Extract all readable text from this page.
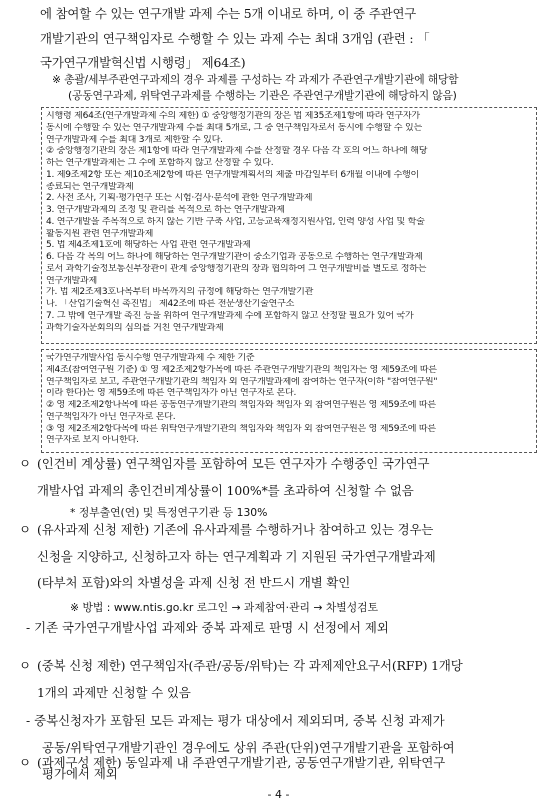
에 참여할 수 있는 연구개발 과제 수는 5개 이내로 하며, 이 중 주관연구
개발기관의 연구책임자로 수행할 수 있는 과제 수는 최대 3개임 (관련 : 「
국가연구개발혁신법 시행령」 제64조)
※ 총괄/세부주관연구과제의 경우 과제를 구성하는 각 과제가 주관연구개발기관에 해당함
(공동연구과제, 위탁연구과제를 수행하는 기관은 주관연구개발기관에 해당하지 않음)
시행령 제64조(연구개발과제 수의 제한) ① 중앙행정기관의 장은 법 제35조제1항에 따라 연구자가
동시에 수행할 수 있는 연구개발과제 수를 최대 5개로, 그 중 연구책임자로서 동시에 수행할 수 있는
연구개발과제 수를 최대 3개로 제한할 수 있다.
② 중앙행정기관의 장은 제1항에 따라 연구개발과제 수를 산정할 경우 다음 각 호의 어느 하나에 해당
하는 연구개발과제는 그 수에 포함하지 않고 산정할 수 있다.
1. 제9조제2항 또는 제10조제2항에 따른 연구개발계획서의 제출 마감일부터 6개월 이내에 수행이
종료되는 연구개발과제
2. 사전 조사, 기획·평가연구 또는 시험·검사·분석에 관한 연구개발과제
3. 연구개발과제의 조정 및 관리를 목적으로 하는 연구개발과제
4. 연구개발을 주목적으로 하지 않는 기반 구축 사업, 고등교육재정지원사업, 인력 양성 사업 및 학술
활동지원 관련 연구개발과제
5. 법 제4조제1호에 해당하는 사업 관련 연구개발과제
6. 다음 각 목의 어느 하나에 해당하는 연구개발기관이 중소기업과 공동으로 수행하는 연구개발과제
로서 과학기술정보통신부장관이 관계 중앙행정기관의 장과 협의하여 그 연구개발비를 별도로 정하는
연구개발과제
가. 법 제2조제3호나목부터 바목까지의 규정에 해당하는 연구개발기관
나. 「산업기술혁신 촉진법」 제42조에 따른 전문생산기술연구소
7. 그 밖에 연구개발 촉진 등을 위하여 연구개발과제 수에 포함하지 않고 산정할 필요가 있어 국가
과학기술자문회의의 심의를 거친 연구개발과제
국가연구개발사업 동시수행 연구개발과제 수 제한 기준
제4조(참여연구원 기준) ① 영 제2조제2항가목에 따른 주관연구개발기관의 책임자는 영 제59조에 따른
연구책임자로 보고, 주관연구개발기관의 책임자 외 연구개발과제에 참여하는 연구자(이하 "참여연구원"
이라 한다)는 영 제59조에 따른 연구책임자가 아닌 연구자로 본다.
② 영 제2조제2항나목에 따른 공동연구개발기관의 책임자와 책임자 외 참여연구원은 영 제59조에 따른
연구책임자가 아닌 연구자로 본다.
③ 영 제2조제2항다목에 따른 위탁연구개발기관의 책임자와 책임자 외 참여연구원은 영 제59조에 따른
연구자로 보지 아니한다.
ㅇ (인건비 계상률) 연구책임자를 포함하여 모든 연구자가 수행중인 국가연구
개발사업 과제의 총인건비계상률이 100%*를 초과하여 신청할 수 없음
* 정부출연(연) 및 특정연구기관 등 130%
ㅇ (유사과제 신청 제한) 기존에 유사과제를 수행하거나 참여하고 있는 경우는
신청을 지양하고, 신청하고자 하는 연구계획과 기 지원된 국가연구개발과제
(타부처 포함)와의 차별성을 과제 신청 전 반드시 개별 확인
※ 방법 : www.ntis.go.kr 로그인 → 과제참여·관리 → 차별성검토
- 기존 국가연구개발사업 과제와 중복 과제로 판명 시 선정에서 제외
ㅇ (중복 신청 제한) 연구책임자(주관/공동/위탁)는 각 과제제안요구서(RFP) 1개당
1개의 과제만 신청할 수 있음
- 중복신청자가 포함된 모든 과제는 평가 대상에서 제외되며, 중복 신청 과제가
공동/위탁연구개발기관인 경우에도 상위 주관(단위)연구개발기관을 포함하여
평가에서 제외
ㅇ (과제구성 제한) 동일과제 내 주관연구개발기관, 공동연구개발기관, 위탁연구
- 4 -
